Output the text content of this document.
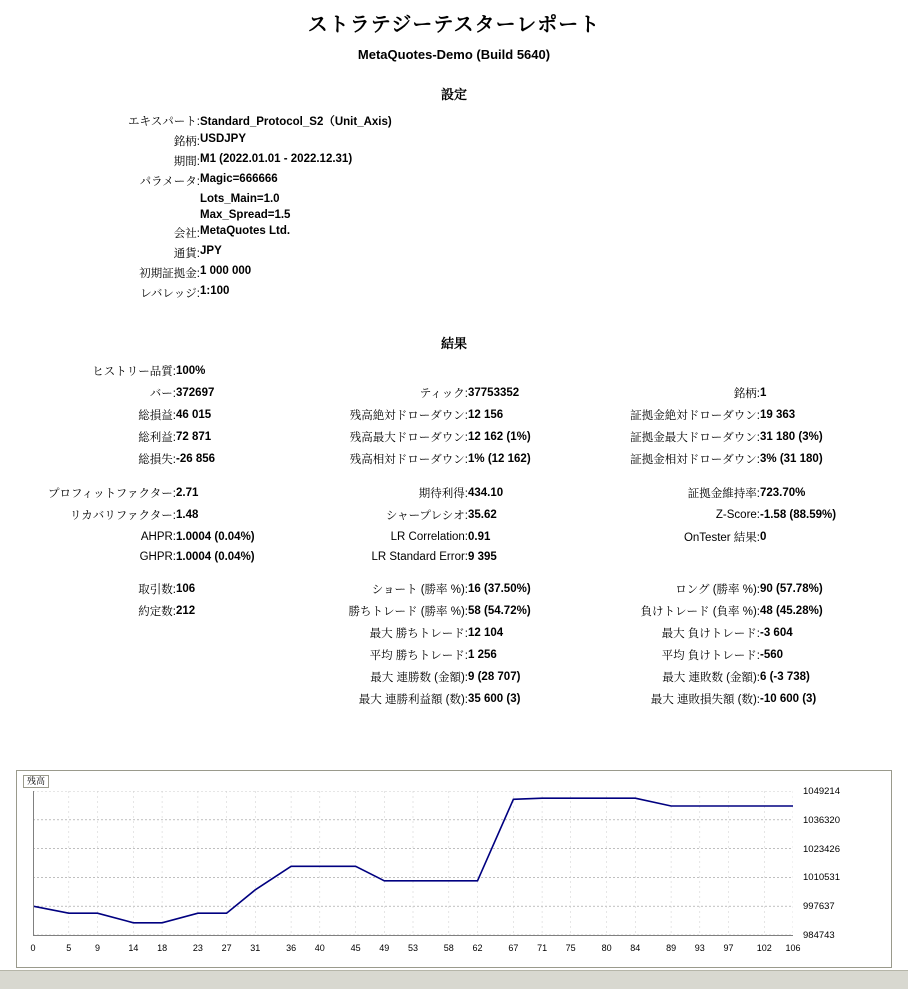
ストラテジーテスターレポート
MetaQuotes-Demo (Build 5640)
設定
エキスパート:	Standard_Protocol_S2（Unit_Axis)
銘柄:	USDJPY
期間:	M1 (2022.01.01 - 2022.12.31)
パラメータ:	Magic=666666
	Lots_Main=1.0
	Max_Spread=1.5
会社:	MetaQuotes Ltd.
通貨:	JPY
初期証拠金:	1 000 000
レバレッジ:	1:100
結果
ヒストリー品質:	100%				
バー:	372697	ティック:	37753352	銘柄:	1
総損益:	46 015	残高絶対ドローダウン:	12 156	証拠金絶対ドローダウン:	19 363
総利益:	72 871	残高最大ドローダウン:	12 162 (1%)	証拠金最大ドローダウン:	31 180 (3%)
総損失:	-26 856	残高相対ドローダウン:	1% (12 162)	証拠金相対ドローダウン:	3% (31 180)

プロフィットファクター:	2.71	期待利得:	434.10	証拠金維持率:	723.70%
リカバリファクター:	1.48	シャープレシオ:	35.62	Z-Score:	-1.58 (88.59%)
AHPR:	1.0004 (0.04%)	LR Correlation:	0.91	OnTester 結果:	0
GHPR:	1.0004 (0.04%)	LR Standard Error:	9 395		

取引数:	106	ショート (勝率 %):	16 (37.50%)	ロング (勝率 %):	90 (57.78%)
約定数:	212	勝ちトレード (勝率 %):	58 (54.72%)	負けトレード (負率 %):	48 (45.28%)
		最大 勝ちトレード:	12 104	最大 負けトレード:	-3 604
		平均 勝ちトレード:	1 256	平均 負けトレード:	-560
		最大 連勝数 (金額):	9 (28 707)	最大 連敗数 (金額):	6 (-3 738)
		最大 連勝利益額 (数):	35 600 (3)	最大 連敗損失額 (数):	-10 600 (3)
残高
1049214
1036320
1023426
1010531
997637
984743
0	5	9	14 18	23 27 31	36 40	45 49 53	58 62	67 71 75	80 84	89 93 97	102 106
